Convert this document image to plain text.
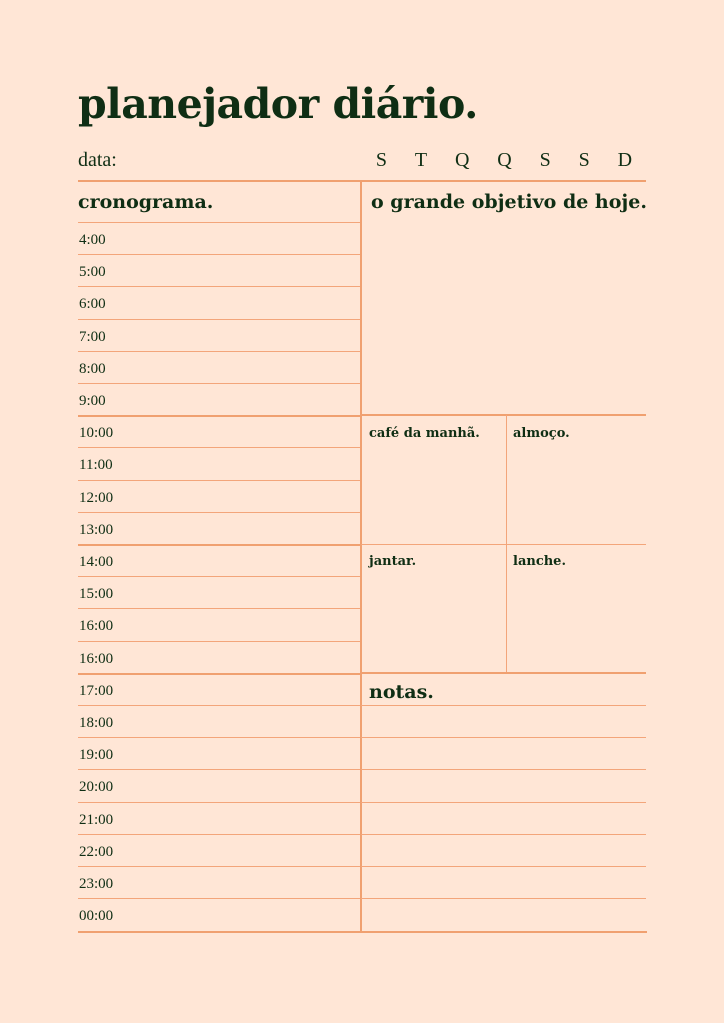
planejador diário.
data:	S T Q Q S S D
cronograma.
4:00
5:00
6:00
7:00
8:00
9:00
10:00
11:00
12:00
13:00
14:00
15:00
16:00
16:00
17:00
18:00
19:00
20:00
21:00
22:00
23:00
00:00
o grande objetivo de hoje.
café da manhã.	almoço.
jantar.	lanche.
notas.
